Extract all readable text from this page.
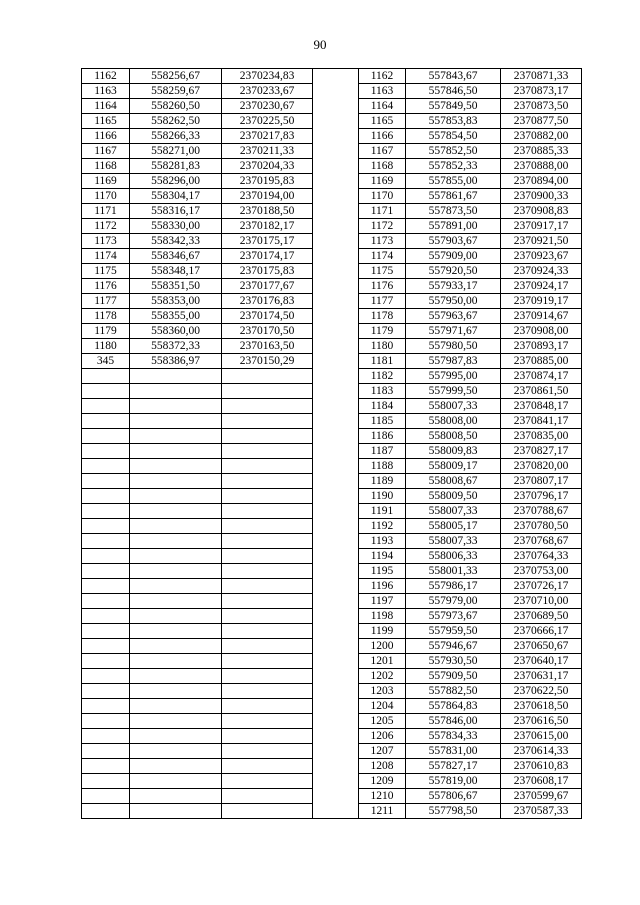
90
1162	558256,67	2370234,83		1162	557843,67	2370871,33
1163	558259,67	2370233,67		1163	557846,50	2370873,17
1164	558260,50	2370230,67		1164	557849,50	2370873,50
1165	558262,50	2370225,50		1165	557853,83	2370877,50
1166	558266,33	2370217,83		1166	557854,50	2370882,00
1167	558271,00	2370211,33		1167	557852,50	2370885,33
1168	558281,83	2370204,33		1168	557852,33	2370888,00
1169	558296,00	2370195,83		1169	557855,00	2370894,00
1170	558304,17	2370194,00		1170	557861,67	2370900,33
1171	558316,17	2370188,50		1171	557873,50	2370908,83
1172	558330,00	2370182,17		1172	557891,00	2370917,17
1173	558342,33	2370175,17		1173	557903,67	2370921,50
1174	558346,67	2370174,17		1174	557909,00	2370923,67
1175	558348,17	2370175,83		1175	557920,50	2370924,33
1176	558351,50	2370177,67		1176	557933,17	2370924,17
1177	558353,00	2370176,83		1177	557950,00	2370919,17
1178	558355,00	2370174,50		1178	557963,67	2370914,67
1179	558360,00	2370170,50		1179	557971,67	2370908,00
1180	558372,33	2370163,50		1180	557980,50	2370893,17
345	558386,97	2370150,29		1181	557987,83	2370885,00
				1182	557995,00	2370874,17
				1183	557999,50	2370861,50
				1184	558007,33	2370848,17
				1185	558008,00	2370841,17
				1186	558008,50	2370835,00
				1187	558009,83	2370827,17
				1188	558009,17	2370820,00
				1189	558008,67	2370807,17
				1190	558009,50	2370796,17
				1191	558007,33	2370788,67
				1192	558005,17	2370780,50
				1193	558007,33	2370768,67
				1194	558006,33	2370764,33
				1195	558001,33	2370753,00
				1196	557986,17	2370726,17
				1197	557979,00	2370710,00
				1198	557973,67	2370689,50
				1199	557959,50	2370666,17
				1200	557946,67	2370650,67
				1201	557930,50	2370640,17
				1202	557909,50	2370631,17
				1203	557882,50	2370622,50
				1204	557864,83	2370618,50
				1205	557846,00	2370616,50
				1206	557834,33	2370615,00
				1207	557831,00	2370614,33
				1208	557827,17	2370610,83
				1209	557819,00	2370608,17
				1210	557806,67	2370599,67
				1211	557798,50	2370587,33
